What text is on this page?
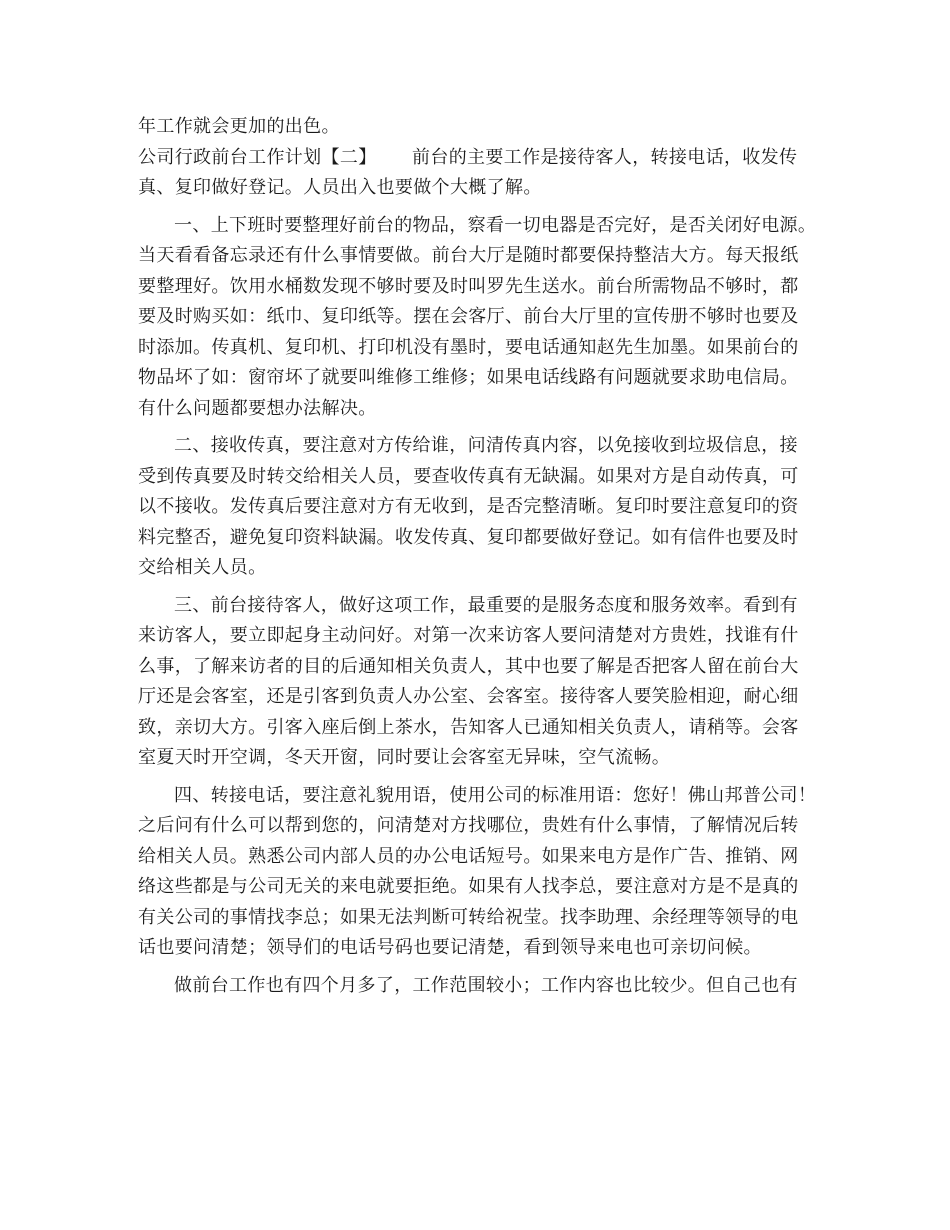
年工作就会更加的出色。
公司行政前台工作计划【二】 前台的主要工作是接待客人，转接电话，收发传
真、复印做好登记。人员出入也要做个大概了解。
一、上下班时要整理好前台的物品，察看一切电器是否完好，是否关闭好电源。
当天看看备忘录还有什么事情要做。前台大厅是随时都要保持整洁大方。每天报纸
要整理好。饮用水桶数发现不够时要及时叫罗先生送水。前台所需物品不够时，都
要及时购买如：纸巾、复印纸等。摆在会客厅、前台大厅里的宣传册不够时也要及
时添加。传真机、复印机、打印机没有墨时，要电话通知赵先生加墨。如果前台的
物品坏了如：窗帘坏了就要叫维修工维修；如果电话线路有问题就要求助电信局。
有什么问题都要想办法解决。
二、接收传真，要注意对方传给谁，问清传真内容，以免接收到垃圾信息，接
受到传真要及时转交给相关人员，要查收传真有无缺漏。如果对方是自动传真，可
以不接收。发传真后要注意对方有无收到，是否完整清晰。复印时要注意复印的资
料完整否，避免复印资料缺漏。收发传真、复印都要做好登记。如有信件也要及时
交给相关人员。
三、前台接待客人，做好这项工作，最重要的是服务态度和服务效率。看到有
来访客人，要立即起身主动问好。对第一次来访客人要问清楚对方贵姓，找谁有什
么事，了解来访者的目的后通知相关负责人，其中也要了解是否把客人留在前台大
厅还是会客室，还是引客到负责人办公室、会客室。接待客人要笑脸相迎，耐心细
致，亲切大方。引客入座后倒上茶水，告知客人已通知相关负责人，请稍等。会客
室夏天时开空调，冬天开窗，同时要让会客室无异味，空气流畅。
四、转接电话，要注意礼貌用语，使用公司的标准用语：您好！佛山邦普公司！
之后问有什么可以帮到您的，问清楚对方找哪位，贵姓有什么事情，了解情况后转
给相关人员。熟悉公司内部人员的办公电话短号。如果来电方是作广告、推销、网
络这些都是与公司无关的来电就要拒绝。如果有人找李总，要注意对方是不是真的
有关公司的事情找李总；如果无法判断可转给祝莹。找李助理、余经理等领导的电
话也要问清楚；领导们的电话号码也要记清楚，看到领导来电也可亲切问候。
做前台工作也有四个月多了，工作范围较小；工作内容也比较少。但自己也有
